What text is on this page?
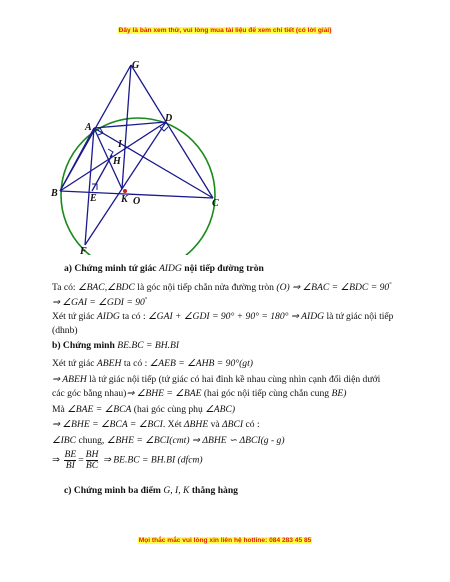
Đây là bản xem thử, vui lòng mua tài liệu để xem chi tiết (có lời giải)
G
A
D
I
H
B	E K O	C
F
a) Chứng minh tứ giác AIDG nội tiếp đường tròn
Ta có: ∠BAC,∠BDC là góc nội tiếp chắn nửa đường tròn (O) ⇒ ∠BAC = ∠BDC = 90°
⇒ ∠GAI = ∠GDI = 90°
Xét tứ giác AIDG ta có : ∠GAI + ∠GDI = 90° + 90° = 180° ⇒ AIDG là tứ giác nội tiếp
(dhnb)
b) Chứng minh BE.BC = BH.BI
Xét tứ giác ABEH ta có : ∠AEB = ∠AHB = 90°(gt)
⇒ ABEH là tứ giác nội tiếp (tứ giác có hai đỉnh kề nhau cùng nhìn cạnh đối diện dưới
các góc bằng nhau)⇒ ∠BHE = ∠BAE (hai góc nội tiếp cùng chắn cung BE)
Mà ∠BAE = ∠BCA (hai góc cùng phụ ∠ABC)
⇒ ∠BHE = ∠BCA = ∠BCI. Xét ΔBHE và ΔBCI có :
∠IBC chung, ∠BHE = ∠BCI(cmt) ⇒ ΔBHE ∽ ΔBCI(g - g)
⇒ $\frac{BE}{BI} = \frac{BH}{BC}$ ⇒ BE.BC = BH.BI (dfcm)
c) Chứng minh ba điểm G, I, K thẳng hàng
Mọi thắc mắc vui lòng xin liên hệ hotline: 084 283 45 85
